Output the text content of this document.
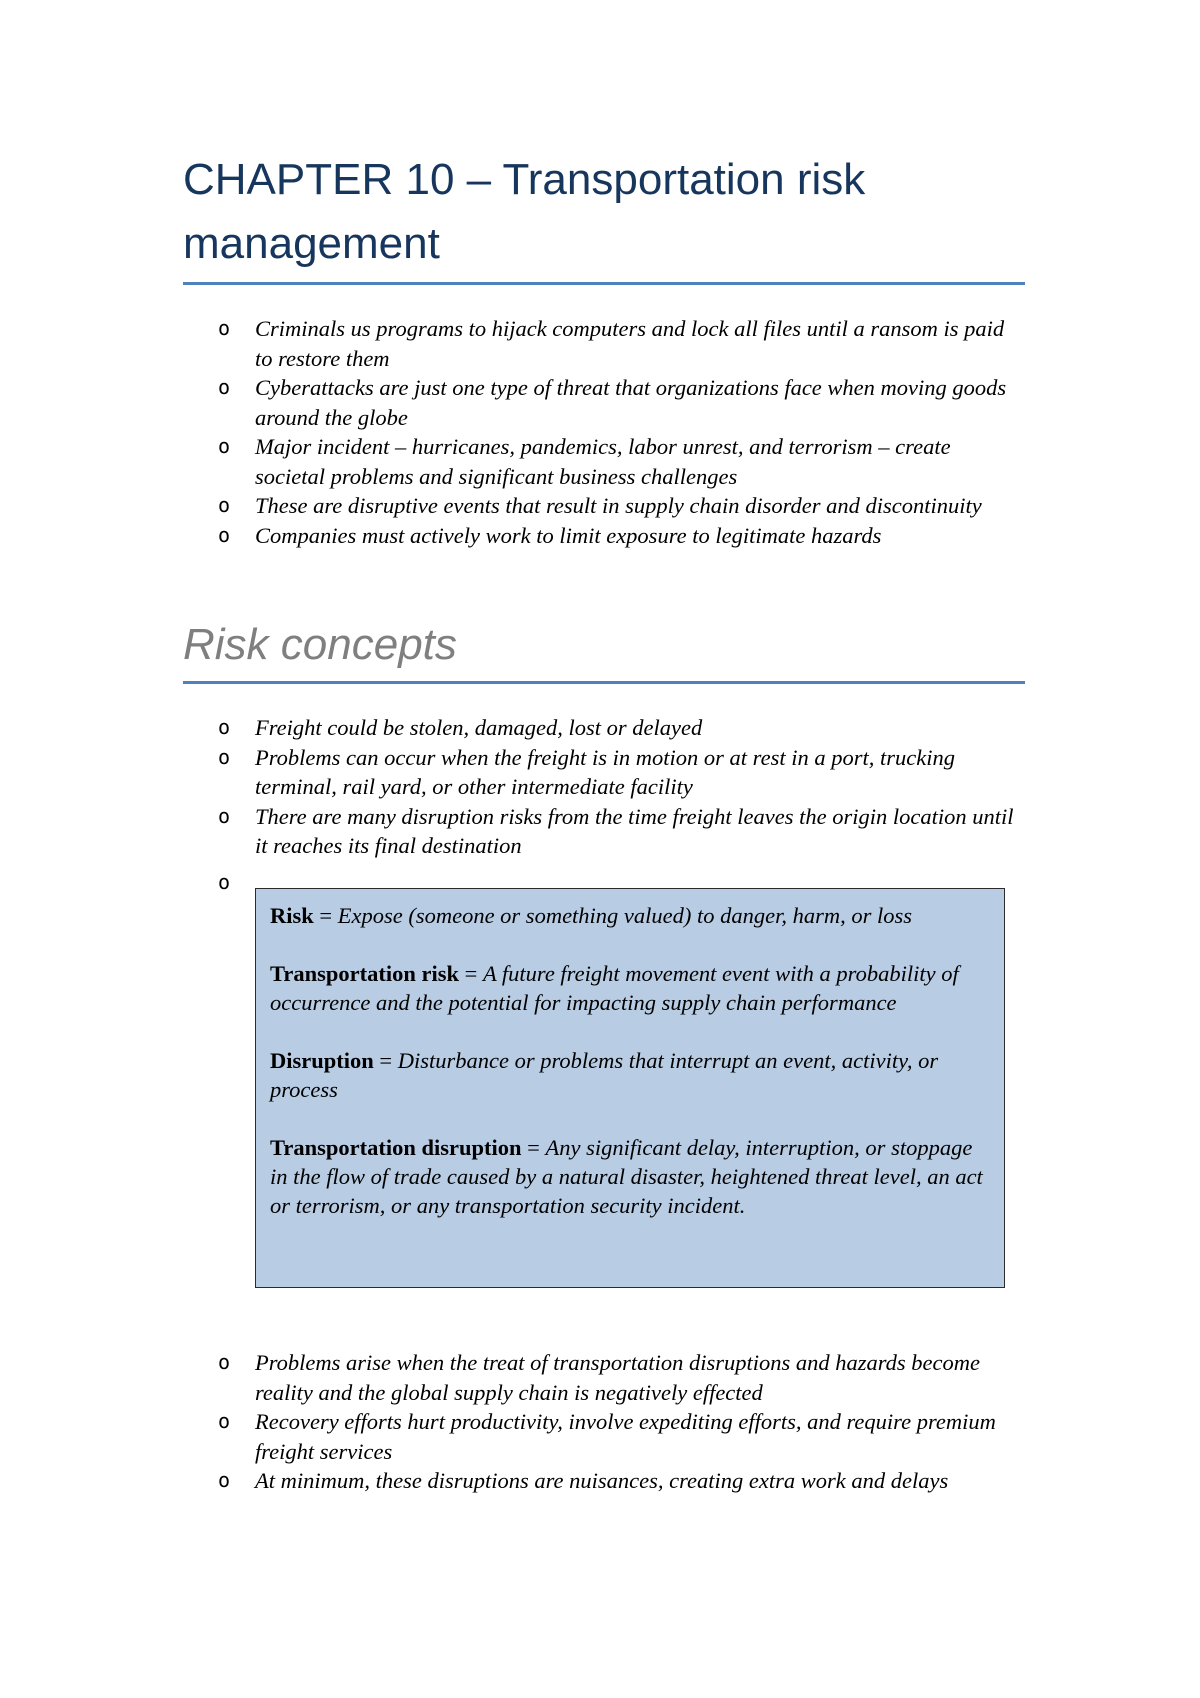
CHAPTER 10 – Transportation risk management
o Criminals us programs to hijack computers and lock all files until a ransom is paid to restore them
o Cyberattacks are just one type of threat that organizations face when moving goods around the globe
o Major incident – hurricanes, pandemics, labor unrest, and terrorism – create societal problems and significant business challenges
o These are disruptive events that result in supply chain disorder and discontinuity
o Companies must actively work to limit exposure to legitimate hazards
Risk concepts
o Freight could be stolen, damaged, lost or delayed
o Problems can occur when the freight is in motion or at rest in a port, trucking terminal, rail yard, or other intermediate facility
o There are many disruption risks from the time freight leaves the origin location until it reaches its final destination
o

Risk = Expose (someone or something valued) to danger, harm, or loss

Transportation risk = A future freight movement event with a probability of occurrence and the potential for impacting supply chain performance

Disruption = Disturbance or problems that interrupt an event, activity, or process

Transportation disruption = Any significant delay, interruption, or stoppage in the flow of trade caused by a natural disaster, heightened threat level, an act or terrorism, or any transportation security incident.

o Problems arise when the treat of transportation disruptions and hazards become reality and the global supply chain is negatively effected
o Recovery efforts hurt productivity, involve expediting efforts, and require premium freight services
o At minimum, these disruptions are nuisances, creating extra work and delays
